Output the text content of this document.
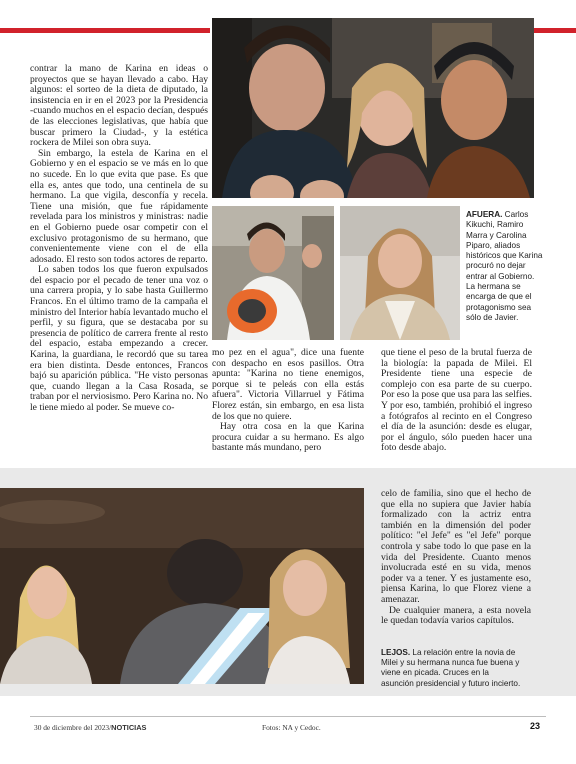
AFUERA. Carlos Kikuchi, Ramiro Marra y Carolina Piparo, aliados históricos que Karina procuró no dejar entrar al Gobierno. La hermana se encarga de que el protagonismo sea sólo de Javier.

contrar la mano de Karina en ideas o proyectos que se hayan llevado a cabo. Hay algunos: el sorteo de la dieta de diputado, la insistencia en ir en el 2023 por la Presidencia -cuando muchos en el espacio decían, después de las elecciones legislativas, que había que buscar primero la Ciudad-, y la estética rockera de Milei son obra suya.

Sin embargo, la estela de Karina en el Gobierno y en el espacio se ve más en lo que no sucede. En lo que evita que pase. Es que ella es, antes que todo, una centinela de su hermano. La que vigila, desconfía y recela. Tiene una misión, que fue rápidamente revelada para los ministros y ministras: nadie en el Gobierno puede osar competir con el exclusivo protagonismo de su hermano, que convenientemente viene con el de ella adosado. El resto son todos actores de reparto.

Lo saben todos los que fueron expulsados del espacio por el pecado de tener una voz o una carrera propia, y lo sabe hasta Guillermo Francos. En el último tramo de la campaña el ministro del Interior había levantado mucho el perfil, y su figura, que se destacaba por su presencia de político de carrera frente al resto del espacio, estaba empezando a crecer. Karina, la guardiana, le recordó que su tarea era bien distinta. Desde entonces, Francos bajó su aparición pública. "He visto personas que, cuando llegan a la Casa Rosada, se traban por el nerviosismo. Pero Karina no. No le tiene miedo al poder. Se mueve co-

mo pez en el agua", dice una fuente con despacho en esos pasillos. Otra apunta: "Karina no tiene enemigos, porque si te peleás con ella estás afuera". Victoria Villarruel y Fátima Florez están, sin embargo, en esa lista de los que no quiere.

Hay otra cosa en la que Karina procura cuidar a su hermano. Es algo bastante más mundano, pero

que tiene el peso de la brutal fuerza de la biología: la papada de Milei. El Presidente tiene una especie de complejo con esa parte de su cuerpo. Por eso la pose que usa para las selfies. Y por eso, también, prohibió el ingreso a fotógrafos al recinto en el Congreso el día de la asunción: desde es elugar, por el ángulo, sólo pueden hacer una foto desde abajo.

celo de familia, sino que el hecho de que ella no supiera que Javier había formalizado con la actriz entra también en la dimensión del poder político: "el Jefe" es "el Jefe" porque controla y sabe todo lo que pase en la vida del Presidente. Cuanto menos involucrada esté en su vida, menos poder va a tener. Y es justamente eso, piensa Karina, lo que Florez viene a amenazar.

De cualquier manera, a esta novela le quedan todavía varios capítulos.

LEJOS. La relación entre la novia de Milei y su hermana nunca fue buena y viene en picada. Cruces en la asunción presidencial y futuro incierto.
30 de diciembre del 2023/NOTICIAS	Fotos: NA y Cedoc.	23
